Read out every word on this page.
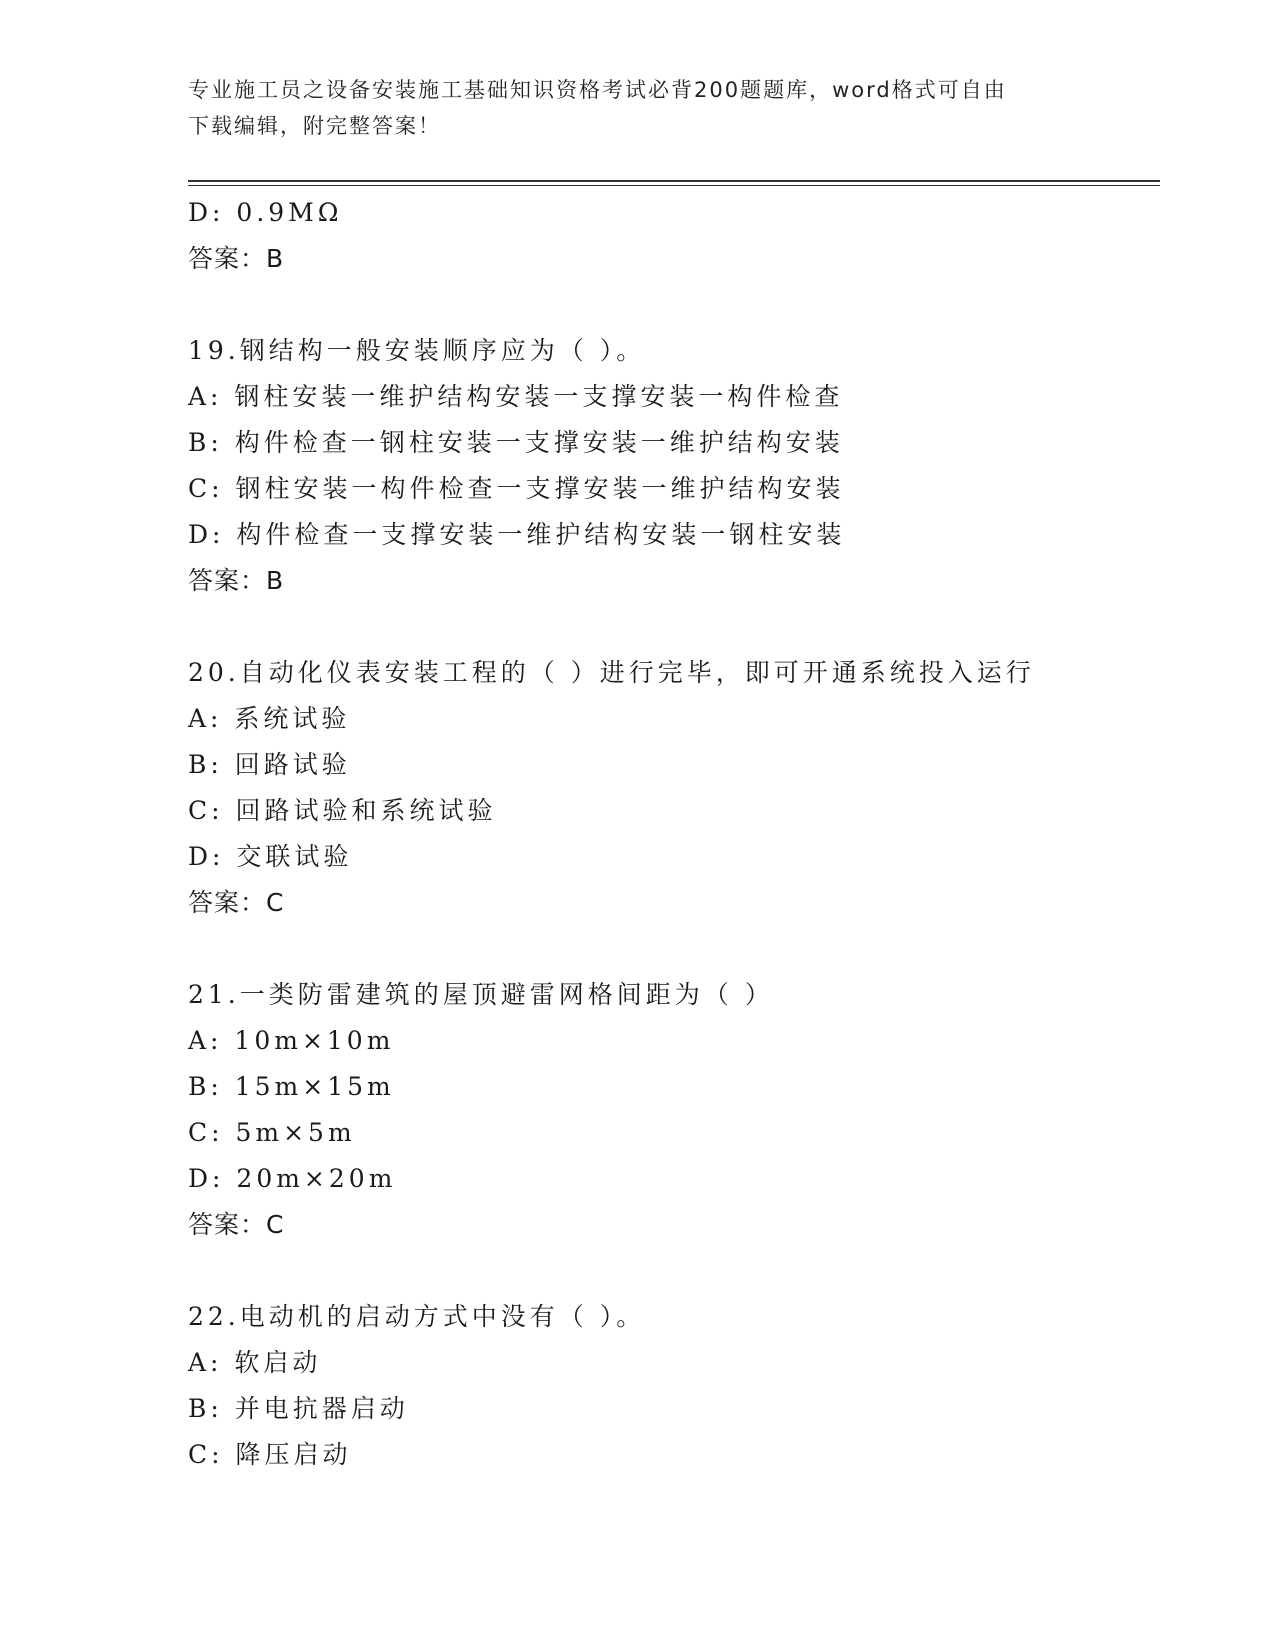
专业施工员之设备安装施工基础知识资格考试必背200题题库，word格式可自由
下载编辑，附完整答案！
D: 0.9MΩ
答案：B
19.钢结构一般安装顺序应为（ ）。
A: 钢柱安装一维护结构安装一支撑安装一构件检查
B: 构件检查一钢柱安装一支撑安装一维护结构安装
C: 钢柱安装一构件检查一支撑安装一维护结构安装
D: 构件检查一支撑安装一维护结构安装一钢柱安装
答案：B
20.自动化仪表安装工程的（ ）进行完毕，即可开通系统投入运行
A: 系统试验
B: 回路试验
C: 回路试验和系统试验
D: 交联试验
答案：C
21.一类防雷建筑的屋顶避雷网格间距为（ ）
A: 10m×10m
B: 15m×15m
C: 5m×5m
D: 20m×20m
答案：C
22.电动机的启动方式中没有（ ）。
A: 软启动
B: 并电抗器启动
C: 降压启动
